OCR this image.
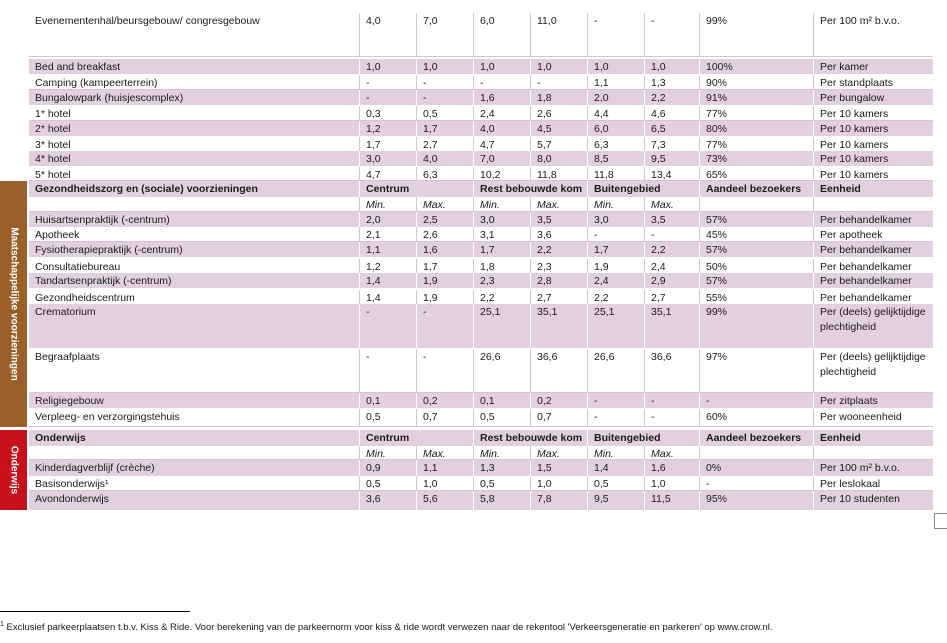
Evenementenhal/beursgebouw/ congresgebouw	4,0	7,0	6,0	11,0	-	-	99%	Per 100 m² b.v.o.
Bed and breakfast	1,0	1,0	1,0	1,0	1,0	1,0	100%	Per kamer
Camping (kampeerterrein)	-	-	-	-	1,1	1,3	90%	Per standplaats
Bungalowpark (huisjescomplex)	-	-	1,6	1,8	2,0	2,2	91%	Per bungalow
1* hotel	0,3	0,5	2,4	2,6	4,4	4,6	77%	Per 10 kamers
2* hotel	1,2	1,7	4,0	4,5	6,0	6,5	80%	Per 10 kamers
3* hotel	1,7	2,7	4,7	5,7	6,3	7,3	77%	Per 10 kamers
4* hotel	3,0	4,0	7,0	8,0	8,5	9,5	73%	Per 10 kamers
5* hotel	4,7	6,3	10,2	11,8	11,8	13,4	65%	Per 10 kamers
Maatschappelijke voorzieningen
Gezondheidszorg en (sociale) voorzieningen	Centrum	Rest bebouwde kom	Buitengebied	Aandeel bezoekers	Eenheid
Min.	Max.	Min.	Max.	Min.	Max.
Huisartsenpraktijk (-centrum)	2,0	2,5	3,0	3,5	3,0	3,5	57%	Per behandelkamer
Apotheek	2,1	2,6	3,1	3,6	-	-	45%	Per apotheek
Fysiotherapiepraktijk (-centrum)	1,1	1,6	1,7	2,2	1,7	2,2	57%	Per behandelkamer
Consultatiebureau	1,2	1,7	1,8	2,3	1,9	2,4	50%	Per behandelkamer
Tandartsenpraktijk (-centrum)	1,4	1,9	2,3	2,8	2,4	2,9	57%	Per behandelkamer
Gezondheidscentrum	1,4	1,9	2,2	2,7	2,2	2,7	55%	Per behandelkamer
Crematorium	-	-	25,1	35,1	25,1	35,1	99%	Per (deels) gelijktijdige plechtigheid
Begraafplaats	-	-	26,6	36,6	26,6	36,6	97%	Per (deels) gelijktijdige plechtigheid
Religiegebouw	0,1	0,2	0,1	0,2	-	-	-	Per zitplaats
Verpleeg- en verzorgingstehuis	0,5	0,7	0,5	0,7	-	-	60%	Per wooneenheid
Onderwijs
Onderwijs	Centrum	Rest bebouwde kom	Buitengebied	Aandeel bezoekers	Eenheid
Min.	Max.	Min.	Max.	Min.	Max.
Kinderdagverblijf (crèche)	0,9	1,1	1,3	1,5	1,4	1,6	0%	Per 100 m² b.v.o.
Basisonderwijs¹	0,5	1,0	0,5	1,0	0,5	1,0	-	Per leslokaal
Avondonderwijs	3,6	5,6	5,8	7,8	9,5	11,5	95%	Per 10 studenten
$^1$ Exclusief parkeerplaatsen t.b.v. Kiss & Ride. Voor berekening van de parkeernorm voor kiss & ride wordt verwezen naar de rekentool 'Verkeersgeneratie en parkeren' op www.crow.nl.
